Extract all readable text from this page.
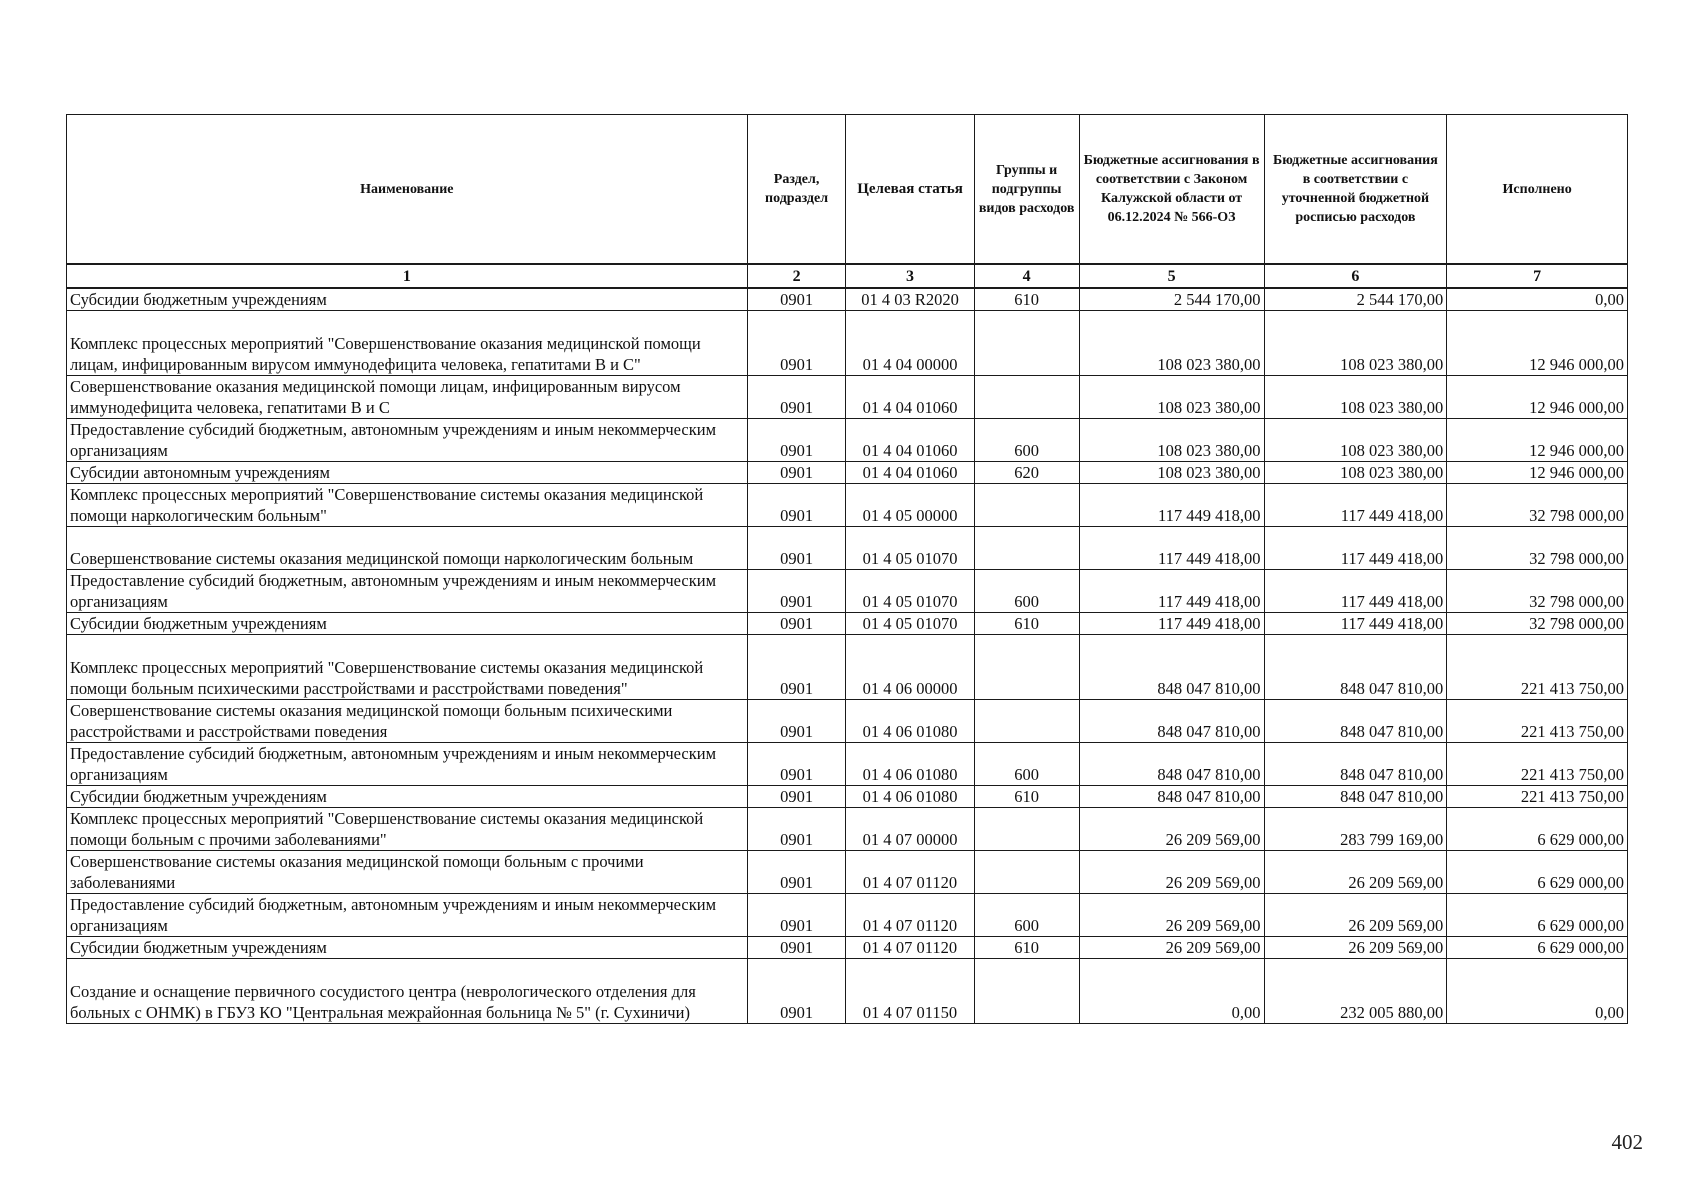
Наименование	Раздел, подраздел	Целевая статья	Группы и подгруппы видов расходов	Бюджетные ассигнования в соответствии с Законом Калужской области от 06.12.2024 № 566-ОЗ	Бюджетные ассигнования в соответствии с уточненной бюджетной росписью расходов	Исполнено
1	2	3	4	5	6	7
Субсидии бюджетным учреждениям	0901	01 4 03 R2020	610	2 544 170,00	2 544 170,00	0,00
Комплекс процессных мероприятий "Совершенствование оказания медицинской помощи лицам, инфицированным вирусом иммунодефицита человека, гепатитами В и С"	0901	01 4 04 00000		108 023 380,00	108 023 380,00	12 946 000,00
Совершенствование оказания медицинской помощи лицам, инфицированным вирусом иммунодефицита человека, гепатитами В и С	0901	01 4 04 01060		108 023 380,00	108 023 380,00	12 946 000,00
Предоставление субсидий бюджетным, автономным учреждениям и иным некоммерческим организациям	0901	01 4 04 01060	600	108 023 380,00	108 023 380,00	12 946 000,00
Субсидии автономным учреждениям	0901	01 4 04 01060	620	108 023 380,00	108 023 380,00	12 946 000,00
Комплекс процессных мероприятий "Совершенствование системы оказания медицинской помощи наркологическим больным"	0901	01 4 05 00000		117 449 418,00	117 449 418,00	32 798 000,00
Совершенствование системы оказания медицинской помощи наркологическим больным	0901	01 4 05 01070		117 449 418,00	117 449 418,00	32 798 000,00
Предоставление субсидий бюджетным, автономным учреждениям и иным некоммерческим организациям	0901	01 4 05 01070	600	117 449 418,00	117 449 418,00	32 798 000,00
Субсидии бюджетным учреждениям	0901	01 4 05 01070	610	117 449 418,00	117 449 418,00	32 798 000,00
Комплекс процессных мероприятий "Совершенствование системы оказания медицинской помощи больным психическими расстройствами и расстройствами поведения"	0901	01 4 06 00000		848 047 810,00	848 047 810,00	221 413 750,00
Совершенствование системы оказания медицинской помощи больным психическими расстройствами и расстройствами поведения	0901	01 4 06 01080		848 047 810,00	848 047 810,00	221 413 750,00
Предоставление субсидий бюджетным, автономным учреждениям и иным некоммерческим организациям	0901	01 4 06 01080	600	848 047 810,00	848 047 810,00	221 413 750,00
Субсидии бюджетным учреждениям	0901	01 4 06 01080	610	848 047 810,00	848 047 810,00	221 413 750,00
Комплекс процессных мероприятий "Совершенствование системы оказания медицинской помощи больным с прочими заболеваниями"	0901	01 4 07 00000		26 209 569,00	283 799 169,00	6 629 000,00
Совершенствование системы оказания медицинской помощи больным с прочими заболеваниями	0901	01 4 07 01120		26 209 569,00	26 209 569,00	6 629 000,00
Предоставление субсидий бюджетным, автономным учреждениям и иным некоммерческим организациям	0901	01 4 07 01120	600	26 209 569,00	26 209 569,00	6 629 000,00
Субсидии бюджетным учреждениям	0901	01 4 07 01120	610	26 209 569,00	26 209 569,00	6 629 000,00
Создание и оснащение первичного сосудистого центра (неврологического отделения для больных с ОНМК) в ГБУЗ КО "Центральная межрайонная больница № 5" (г. Сухиничи)	0901	01 4 07 01150		0,00	232 005 880,00	0,00
402
